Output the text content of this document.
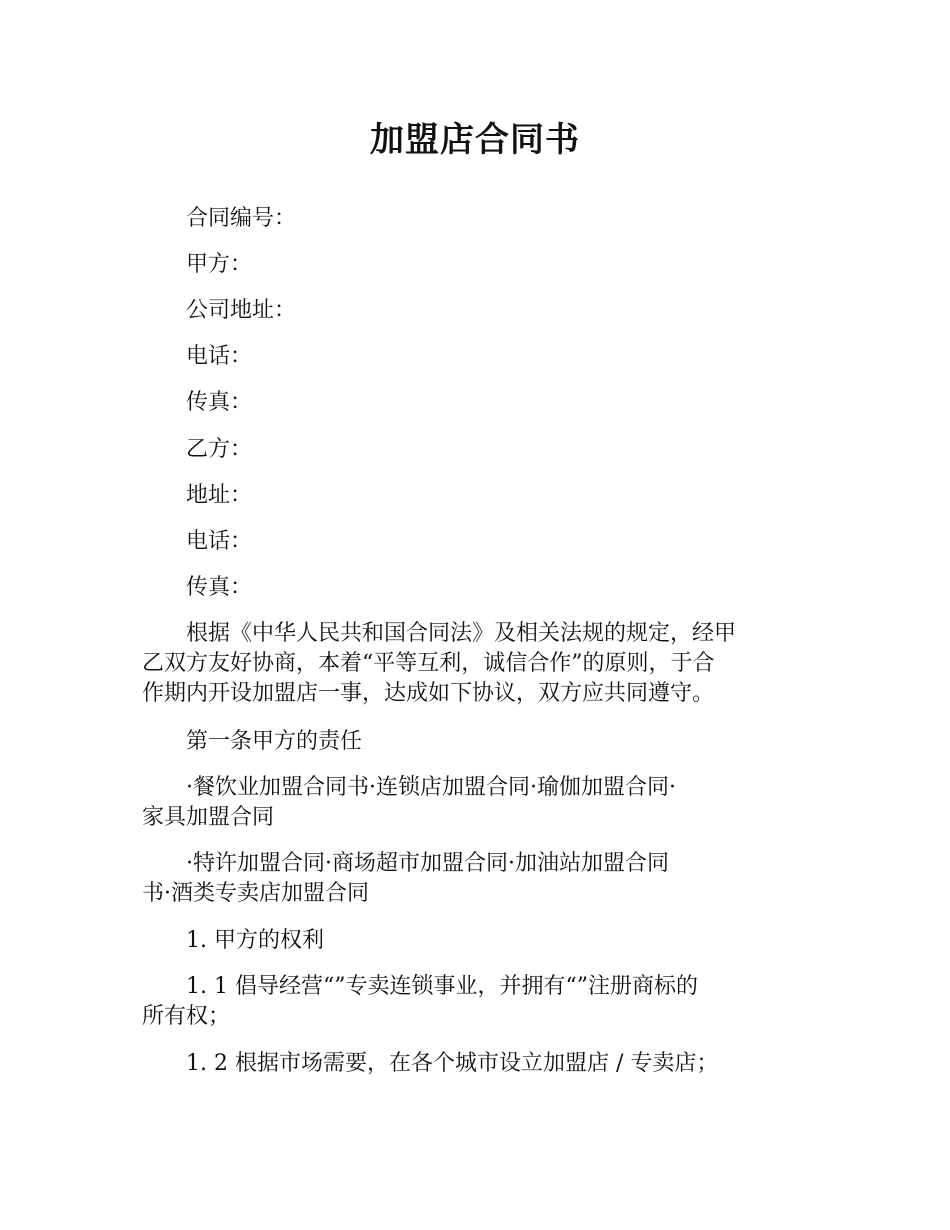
加盟店合同书
合同编号：
甲方：
公司地址：
电话：
传真：
乙方：
地址：
电话：
传真：
根据《中华人民共和国合同法》及相关法规的规定，经甲
乙双方友好协商，本着“平等互利，诚信合作”的原则，于合
作期内开设加盟店一事，达成如下协议，双方应共同遵守。
第一条甲方的责任
·餐饮业加盟合同书·连锁店加盟合同·瑜伽加盟合同·
家具加盟合同
·特许加盟合同·商场超市加盟合同·加油站加盟合同
书·酒类专卖店加盟合同
1. 甲方的权利
1. 1 倡导经营“”专卖连锁事业，并拥有“”注册商标的
所有权；
1. 2 根据市场需要，在各个城市设立加盟店 / 专卖店；
